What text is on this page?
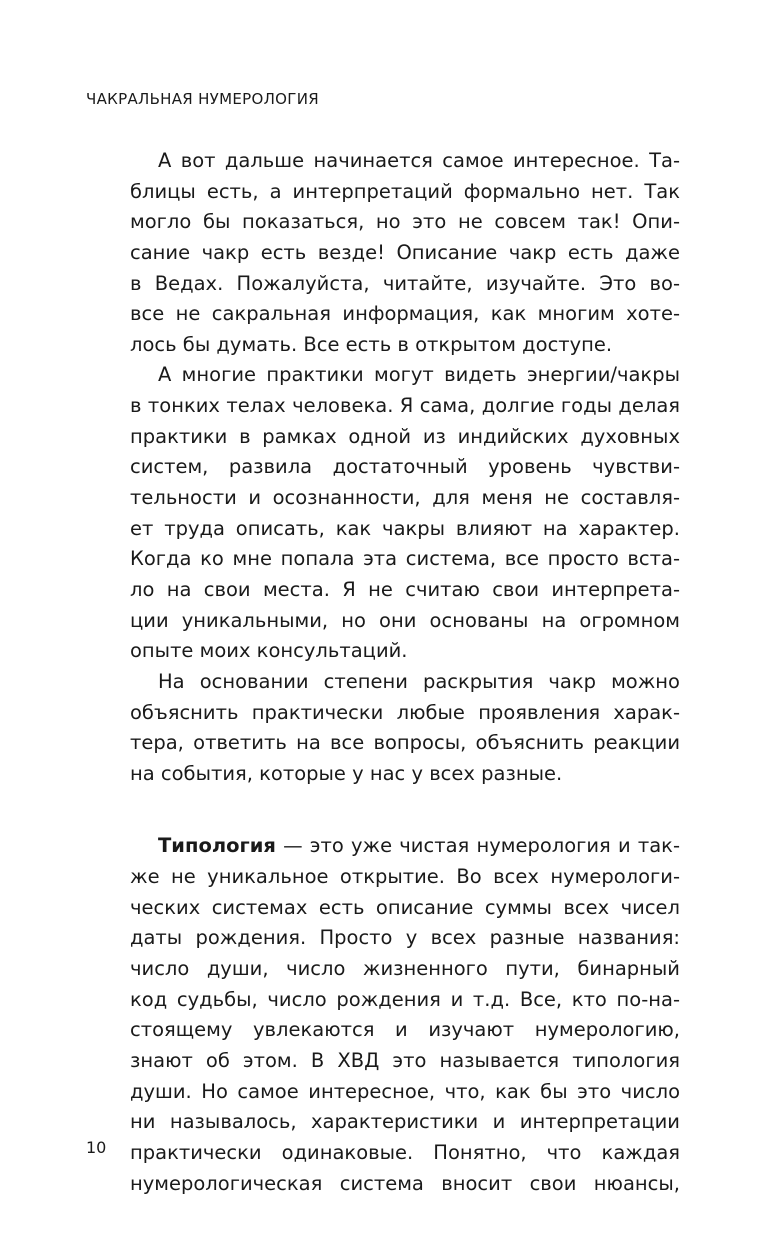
ЧАКРАЛЬНАЯ НУМЕРОЛОГИЯ
А вот дальше начинается самое интересное. Та-
блицы есть, а интерпретаций формально нет. Так
могло бы показаться, но это не совсем так! Опи-
сание чакр есть везде! Описание чакр есть даже
в Ведах. Пожалуйста, читайте, изучайте. Это во-
все не сакральная информация, как многим хоте-
лось бы думать. Все есть в открытом доступе.
А многие практики могут видеть энергии/чакры
в тонких телах человека. Я сама, долгие годы делая
практики в рамках одной из индийских духовных
систем, развила достаточный уровень чувстви-
тельности и осознанности, для меня не составля-
ет труда описать, как чакры влияют на характер.
Когда ко мне попала эта система, все просто вста-
ло на свои места. Я не считаю свои интерпрета-
ции уникальными, но они основаны на огромном
опыте моих консультаций.
На основании степени раскрытия чакр можно
объяснить практически любые проявления харак-
тера, ответить на все вопросы, объяснить реакции
на события, которые у нас у всех разные.
Типология — это уже чистая нумерология и так-
же не уникальное открытие. Во всех нумерологи-
ческих системах есть описание суммы всех чисел
даты рождения. Просто у всех разные названия:
число души, число жизненного пути, бинарный
код судьбы, число рождения и т.д. Все, кто по-на-
стоящему увлекаются и изучают нумерологию,
знают об этом. В ХВД это называется типология
души. Но самое интересное, что, как бы это число
ни называлось, характеристики и интерпретации
практически одинаковые. Понятно, что каждая
нумерологическая система вносит свои нюансы,
10
